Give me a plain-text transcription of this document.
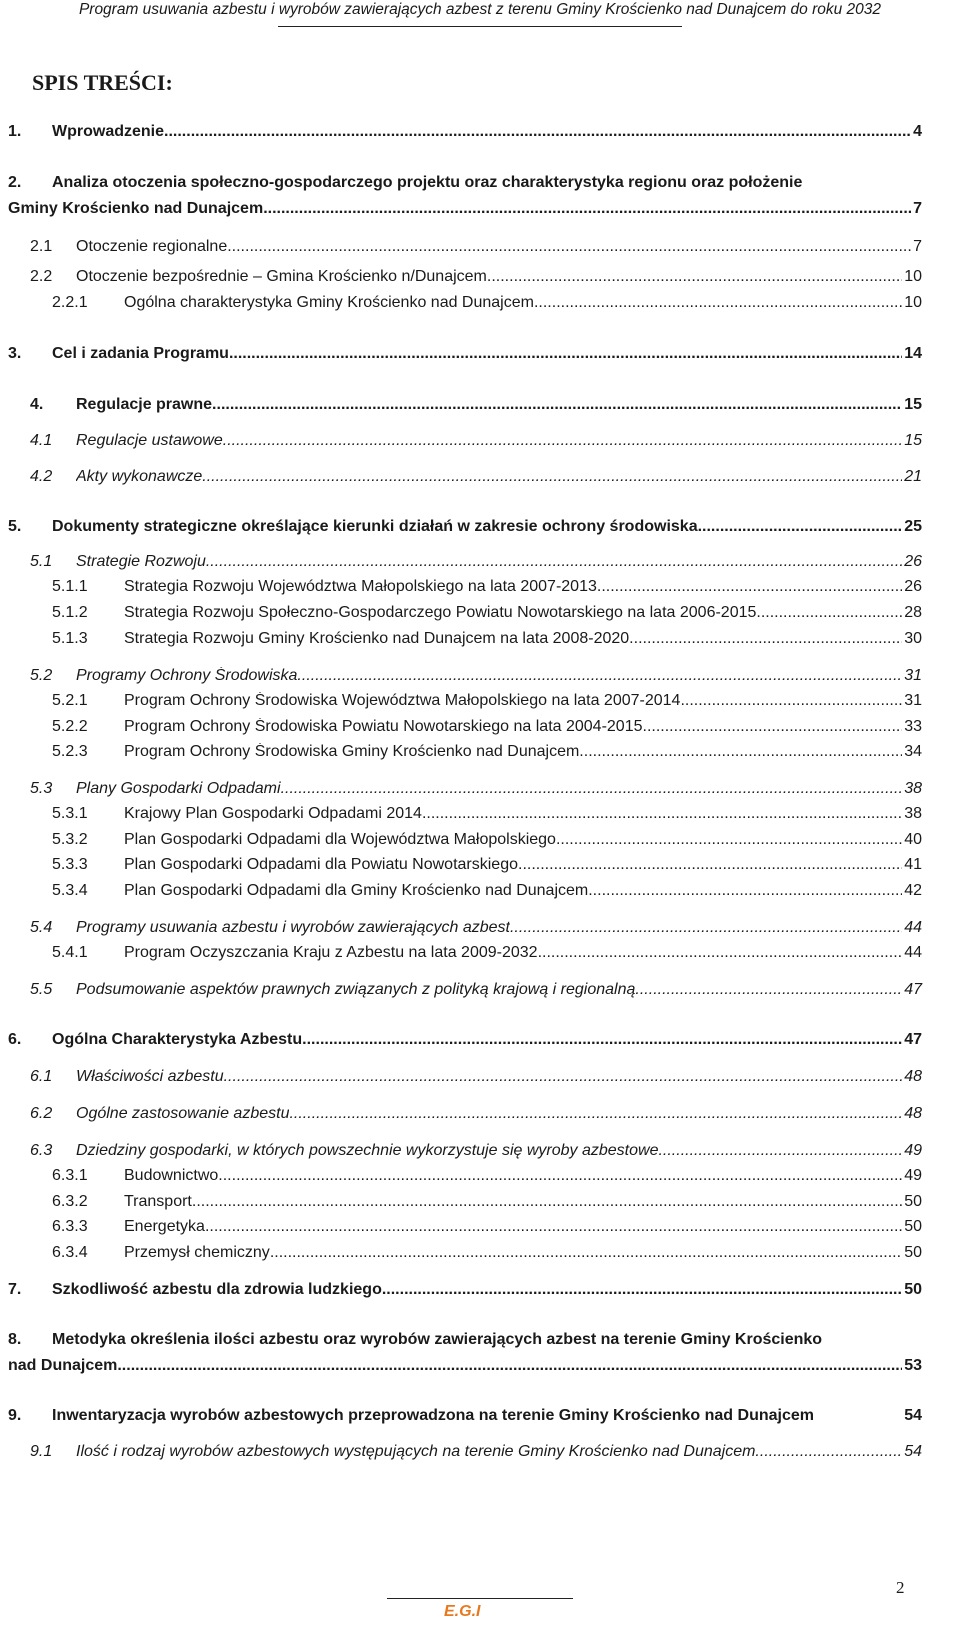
Program usuwania azbestu i wyrobów zawierających azbest z terenu Gminy Krościenko nad Dunajcem do roku 2032
SPIS TREŚCI:
1. Wprowadzenie .....	4
2. Analiza otoczenia społeczno-gospodarczego projektu oraz charakterystyka regionu oraz położenie
Gminy Krościenko nad Dunajcem .....	7
2.1 Otoczenie regionalne .....	7
2.2 Otoczenie bezpośrednie – Gmina Krościenko n/Dunajcem .....	10
2.2.1 Ogólna charakterystyka Gminy Krościenko nad Dunajcem .....	10
3. Cel i zadania Programu .....	14
4. Regulacje prawne .....	15
4.1 Regulacje ustawowe .....	15
4.2 Akty wykonawcze .....	21
5. Dokumenty strategiczne określające kierunki działań w zakresie ochrony środowiska .....	25
5.1 Strategie Rozwoju .....	26
5.1.1 Strategia Rozwoju Województwa Małopolskiego na lata 2007-2013. .....	26
5.1.2 Strategia Rozwoju Społeczno-Gospodarczego Powiatu Nowotarskiego na lata 2006-2015. .....	28
5.1.3 Strategia Rozwoju Gminy Krościenko nad Dunajcem na lata 2008-2020 .....	30
5.2 Programy Ochrony Środowiska .....	31
5.2.1 Program Ochrony Środowiska Województwa Małopolskiego na lata 2007-2014 .....	31
5.2.2 Program Ochrony Środowiska Powiatu Nowotarskiego na lata 2004-2015. .....	33
5.2.3 Program Ochrony Środowiska Gminy Krościenko nad Dunajcem .....	34
5.3 Plany Gospodarki Odpadami .....	38
5.3.1 Krajowy Plan Gospodarki Odpadami 2014 .....	38
5.3.2 Plan Gospodarki Odpadami dla Województwa Małopolskiego. .....	40
5.3.3 Plan Gospodarki Odpadami dla Powiatu Nowotarskiego .....	41
5.3.4 Plan Gospodarki Odpadami dla Gminy Krościenko nad Dunajcem .....	42
5.4 Programy usuwania azbestu i wyrobów zawierających azbest .....	44
5.4.1 Program Oczyszczania Kraju z Azbestu na lata 2009-2032 .....	44
5.5 Podsumowanie aspektów prawnych związanych z polityką krajową i regionalną .....	47
6. Ogólna Charakterystyka Azbestu .....	47
6.1 Właściwości azbestu .....	48
6.2 Ogólne zastosowanie azbestu .....	48
6.3 Dziedziny gospodarki, w których powszechnie wykorzystuje się wyroby azbestowe .....	49
6.3.1 Budownictwo .....	49
6.3.2 Transport .....	50
6.3.3 Energetyka .....	50
6.3.4 Przemysł chemiczny .....	50
7. Szkodliwość azbestu dla zdrowia ludzkiego .....	50
8. Metodyka określenia ilości azbestu oraz wyrobów zawierających azbest na terenie Gminy Krościenko
nad Dunajcem .....	53
9. Inwentaryzacja wyrobów azbestowych przeprowadzona na terenie Gminy Krościenko nad Dunajcem	54
9.1 Ilość i rodzaj wyrobów azbestowych występujących na terenie Gminy Krościenko nad Dunajcem .....	54
E.G.I
2
